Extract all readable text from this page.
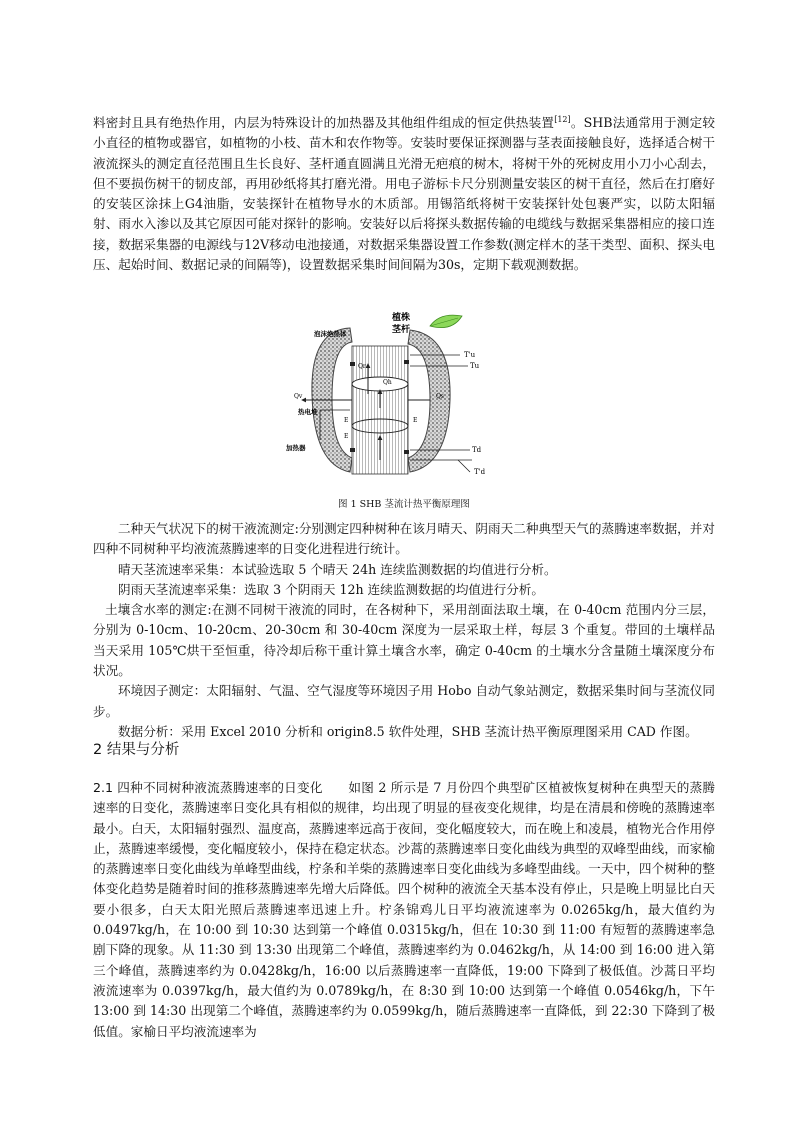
料密封且具有绝热作用，内层为特殊设计的加热器及其他组件组成的恒定供热装置[12]。SHB法通常用于测定较小直径的植物或器官，如植物的小枝、苗木和农作物等。安装时要保证探测器与茎表面接触良好，选择适合树干液流探头的测定直径范围且生长良好、茎杆通直圆满且光滑无疤痕的树木，将树干外的死树皮用小刀小心刮去，但不要损伤树干的韧皮部，再用砂纸将其打磨光滑。用电子游标卡尺分别测量安装区的树干直径，然后在打磨好的安装区涂抹上G4油脂，安装探针在植物导水的木质部。用锡箔纸将树干安装探针处包裹严实，以防太阳辐射、雨水入渗以及其它原因可能对探针的影响。安装好以后将探头数据传输的电缆线与数据采集器相应的接口连接，数据采集器的电源线与12V移动电池接通，对数据采集器设置工作参数(测定样木的茎干类型、面积、探头电压、起始时间、数据记录的间隔等)，设置数据采集时间间隔为30s，定期下载观测数据。

泡沫绝热体
植株
茎杆
Qr
Qh
Qv	Qs
热电堆
E
E
E
加热器
T'u
Tu
Td
T'd
图 1 SHB 茎流计热平衡原理图

二种天气状况下的树干液流测定:分别测定四种树种在该月晴天、阴雨天二种典型天气的蒸腾速率数据，并对四种不同树种平均液流蒸腾速率的日变化进程进行统计。

晴天茎流速率采集：本试验选取 5 个晴天 24h 连续监测数据的均值进行分析。

阴雨天茎流速率采集：选取 3 个阴雨天 12h 连续监测数据的均值进行分析。

土壤含水率的测定:在测不同树干液流的同时，在各树种下，采用剖面法取土壤，在 0-40cm 范围内分三层，分别为 0-10cm、10-20cm、20-30cm 和 30-40cm 深度为一层采取土样，每层 3 个重复。带回的土壤样品当天采用 105℃烘干至恒重，待冷却后称干重计算土壤含水率，确定 0-40cm 的土壤水分含量随土壤深度分布状况。

环境因子测定：太阳辐射、气温、空气湿度等环境因子用 Hobo 自动气象站测定，数据采集时间与茎流仪同步。

数据分析：采用 Excel 2010 分析和 origin8.5 软件处理，SHB 茎流计热平衡原理图采用 CAD 作图。

2 结果与分析

2.1 四种不同树种液流蒸腾速率的日变化　　 如图 2 所示是 7 月份四个典型矿区植被恢复树种在典型天的蒸腾速率的日变化，蒸腾速率日变化具有相似的规律，均出现了明显的昼夜变化规律，均是在清晨和傍晚的蒸腾速率最小。白天，太阳辐射强烈、温度高，蒸腾速率远高于夜间，变化幅度较大，而在晚上和凌晨，植物光合作用停止，蒸腾速率缓慢，变化幅度较小，保持在稳定状态。沙蒿的蒸腾速率日变化曲线为典型的双峰型曲线，而家榆的蒸腾速率日变化曲线为单峰型曲线，柠条和羊柴的蒸腾速率日变化曲线为多峰型曲线。一天中，四个树种的整体变化趋势是随着时间的推移蒸腾速率先增大后降低。四个树种的液流全天基本没有停止，只是晚上明显比白天要小很多，白天太阳光照后蒸腾速率迅速上升。柠条锦鸡儿日平均液流速率为 0.0265kg/h，最大值约为 0.0497kg/h，在 10:00 到 10:30 达到第一个峰值 0.0315kg/h，但在 10:30 到 11:00 有短暂的蒸腾速率急剧下降的现象。从 11:30 到 13:30 出现第二个峰值，蒸腾速率约为 0.0462kg/h，从 14:00 到 16:00 进入第三个峰值，蒸腾速率约为 0.0428kg/h，16:00 以后蒸腾速率一直降低，19:00 下降到了极低值。沙蒿日平均液流速率为 0.0397kg/h，最大值约为 0.0789kg/h，在 8:30 到 10:00 达到第一个峰值 0.0546kg/h，下午 13:00 到 14:30 出现第二个峰值，蒸腾速率约为 0.0599kg/h，随后蒸腾速率一直降低，到 22:30 下降到了极低值。家榆日平均液流速率为
